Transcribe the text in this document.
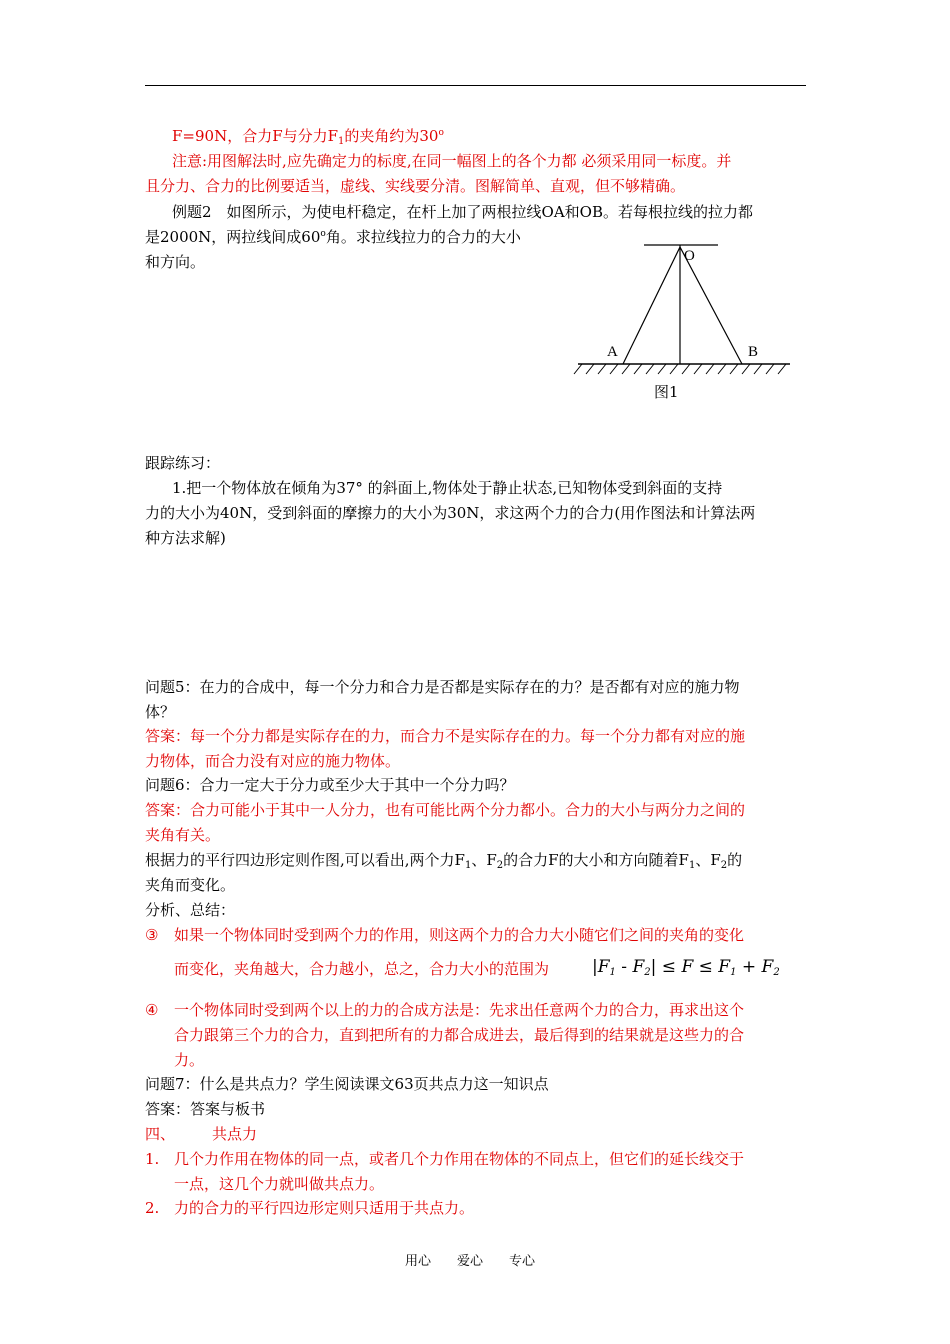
F=90N，合力F与分力$F_1$的夹角约为30$^o$
注意:用图解法时,应先确定力的标度,在同一幅图上的各个力都 必须采用同一标度。并
且分力、合力的比例要适当，虚线、实线要分清。图解简单、直观，但不够精确。
例题2　如图所示，为使电杆稳定，在杆上加了两根拉线OA和OB。若每根拉线的拉力都
是2000N，两拉线间成60$^o$角。求拉线拉力的合力的大小
和方向。	O
A	B
图1
跟踪练习：
1.把一个物体放在倾角为37° 的斜面上,物体处于静止状态,已知物体受到斜面的支持
力的大小为40N，受到斜面的摩擦力的大小为30N，求这两个力的合力(用作图法和计算法两
种方法求解)
问题5：在力的合成中，每一个分力和合力是否都是实际存在的力？是否都有对应的施力物
体？
答案：每一个分力都是实际存在的力，而合力不是实际存在的力。每一个分力都有对应的施
力物体，而合力没有对应的施力物体。
问题6：合力一定大于分力或至少大于其中一个分力吗？
答案：合力可能小于其中一人分力，也有可能比两个分力都小。合力的大小与两分力之间的
夹角有关。
根据力的平行四边形定则作图,可以看出,两个力$F_1$、$F_2$的合力F的大小和方向随着$F_1$、$F_2$的
夹角而变化。
分析、总结：
③ 如果一个物体同时受到两个力的作用，则这两个力的合力大小随它们之间的夹角的变化
而变化，夹角越大，合力越小，总之，合力大小的范围为	$|F_1 - F_2| \le F \le F_1 + F_2$
④ 一个物体同时受到两个以上的力的合成方法是：先求出任意两个力的合力，再求出这个
合力跟第三个力的合力，直到把所有的力都合成进去，最后得到的结果就是这些力的合
力。
问题7：什么是共点力？学生阅读课文63页共点力这一知识点
答案：答案与板书
四、 共点力
1. 几个力作用在物体的同一点，或者几个力作用在物体的不同点上，但它们的延长线交于
一点，这几个力就叫做共点力。
2. 力的合力的平行四边形定则只适用于共点力。
用心 爱心 专心
